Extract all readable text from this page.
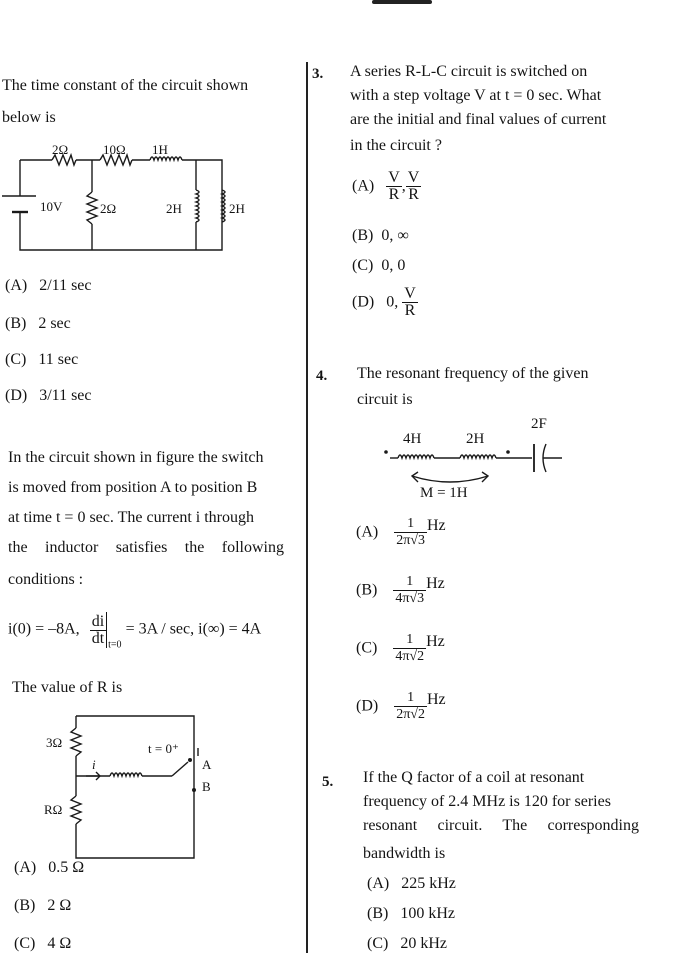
The time constant of the circuit shown
below is
2Ω	10Ω 1H
10V	2Ω	2H	2H
(A) 2/11 sec
(B) 2 sec
(C) 11 sec
(D) 3/11 sec
In the circuit shown in figure the switch
is moved from position A to position B
at time t = 0 sec. The current i through
the inductor satisfies the following
conditions :
i(0) = –8A, $\frac{di}{dt} _{t=0} = 3A / \sec$, i(∞) = 4A
The value of R is
3Ω
RΩ
i
t = 0⁺
A
B
(A) 0.5 Ω
(B) 2 Ω
(C) 4 Ω
3. A series R-L-C circuit is switched on
with a step voltage V at t = 0 sec. What
are the initial and final values of current
in the circuit ?
$(A) \frac{V}{R}$ , $\frac{V}{R}$
(B) 0, ∞
(C) 0, 0
(D) 0, $\frac{V}{R}$
4. The resonant frequency of the given
circuit is
4H	2H
2F
M = 1H
$(A) \frac{1}{2\pi√3}$ Hz
$(B) \frac{1}{4\pi√3}$ Hz
$(C) \frac{1}{4\pi√2}$ Hz
$(D) \frac{1}{2\pi√2}$ Hz
5. If the Q factor of a coil at resonant
frequency of 2.4 MHz is 120 for series
resonant circuit. The corresponding
bandwidth is
(A) 225 kHz
(B) 100 kHz
(C) 20 kHz
